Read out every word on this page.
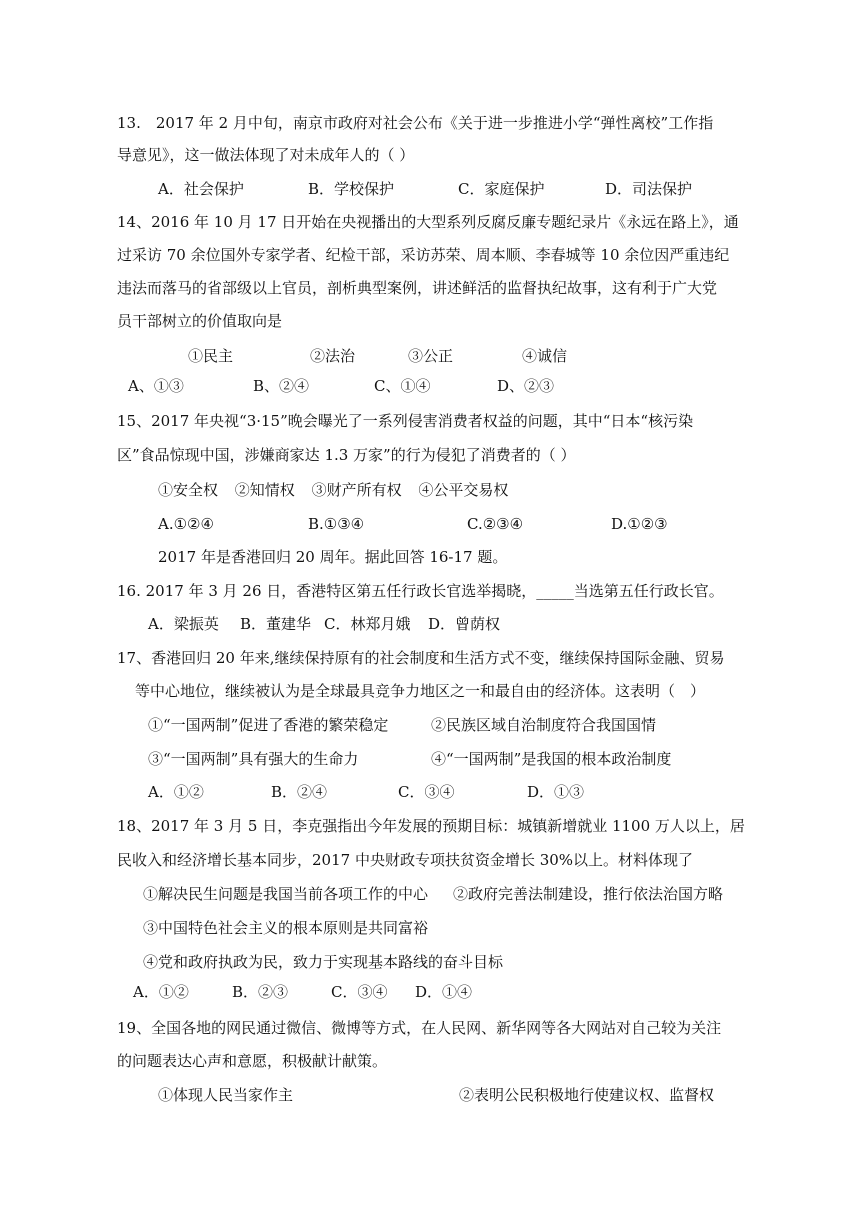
13.　2017 年 2 月中旬，南京市政府对社会公布《关于进一步推进小学“弹性离校”工作指
导意见》，这一做法体现了对未成年人的（ ）
A．社会保护	B．学校保护	C．家庭保护	D．司法保护
14、2016 年 10 月 17 日开始在央视播出的大型系列反腐反廉专题纪录片《永远在路上》，通
过采访 70 余位国外专家学者、纪检干部，采访苏荣、周本顺、李春城等 10 余位因严重违纪
违法而落马的省部级以上官员，剖析典型案例，讲述鲜活的监督执纪故事，这有利于广大党
员干部树立的价值取向是
①民主	②法治	③公正	④诚信
A、①③	B、②④	C、①④	D、②③
15、2017 年央视“3·15”晚会曝光了一系列侵害消费者权益的问题，其中“日本“核污染
区”食品惊现中国，涉嫌商家达 1.3 万家”的行为侵犯了消费者的（ ）
①安全权 ②知情权 ③财产所有权 ④公平交易权
A.①②④	B.①③④	C.②③④	D.①②③
2017 年是香港回归 20 周年。据此回答 16-17 题。
16. 2017 年 3 月 26 日，香港特区第五任行政长官选举揭晓，_____当选第五任行政长官。
A．梁振英 B．董建华 C．林郑月娥 D．曾荫权
17、香港回归 20 年来,继续保持原有的社会制度和生活方式不变，继续保持国际金融、贸易
等中心地位，继续被认为是全球最具竞争力地区之一和最自由的经济体。这表明（　）
①“一国两制”促进了香港的繁荣稳定	②民族区域自治制度符合我国国情
③“一国两制”具有强大的生命力	④“一国两制”是我国的根本政治制度
A．①②	B．②④	C．③④	D．①③
18、2017 年 3 月 5 日，李克强指出今年发展的预期目标：城镇新增就业 1100 万人以上，居
民收入和经济增长基本同步，2017 中央财政专项扶贫资金增长 30%以上。材料体现了
①解决民生问题是我国当前各项工作的中心 ②政府完善法制建设，推行依法治国方略
③中国特色社会主义的根本原则是共同富裕
④党和政府执政为民，致力于实现基本路线的奋斗目标
A．①②	B．②③	C．③④ D．①④
19、全国各地的网民通过微信、微博等方式，在人民网、新华网等各大网站对自己较为关注
的问题表达心声和意愿，积极献计献策。
①体现人民当家作主	②表明公民积极地行使建议权、监督权
